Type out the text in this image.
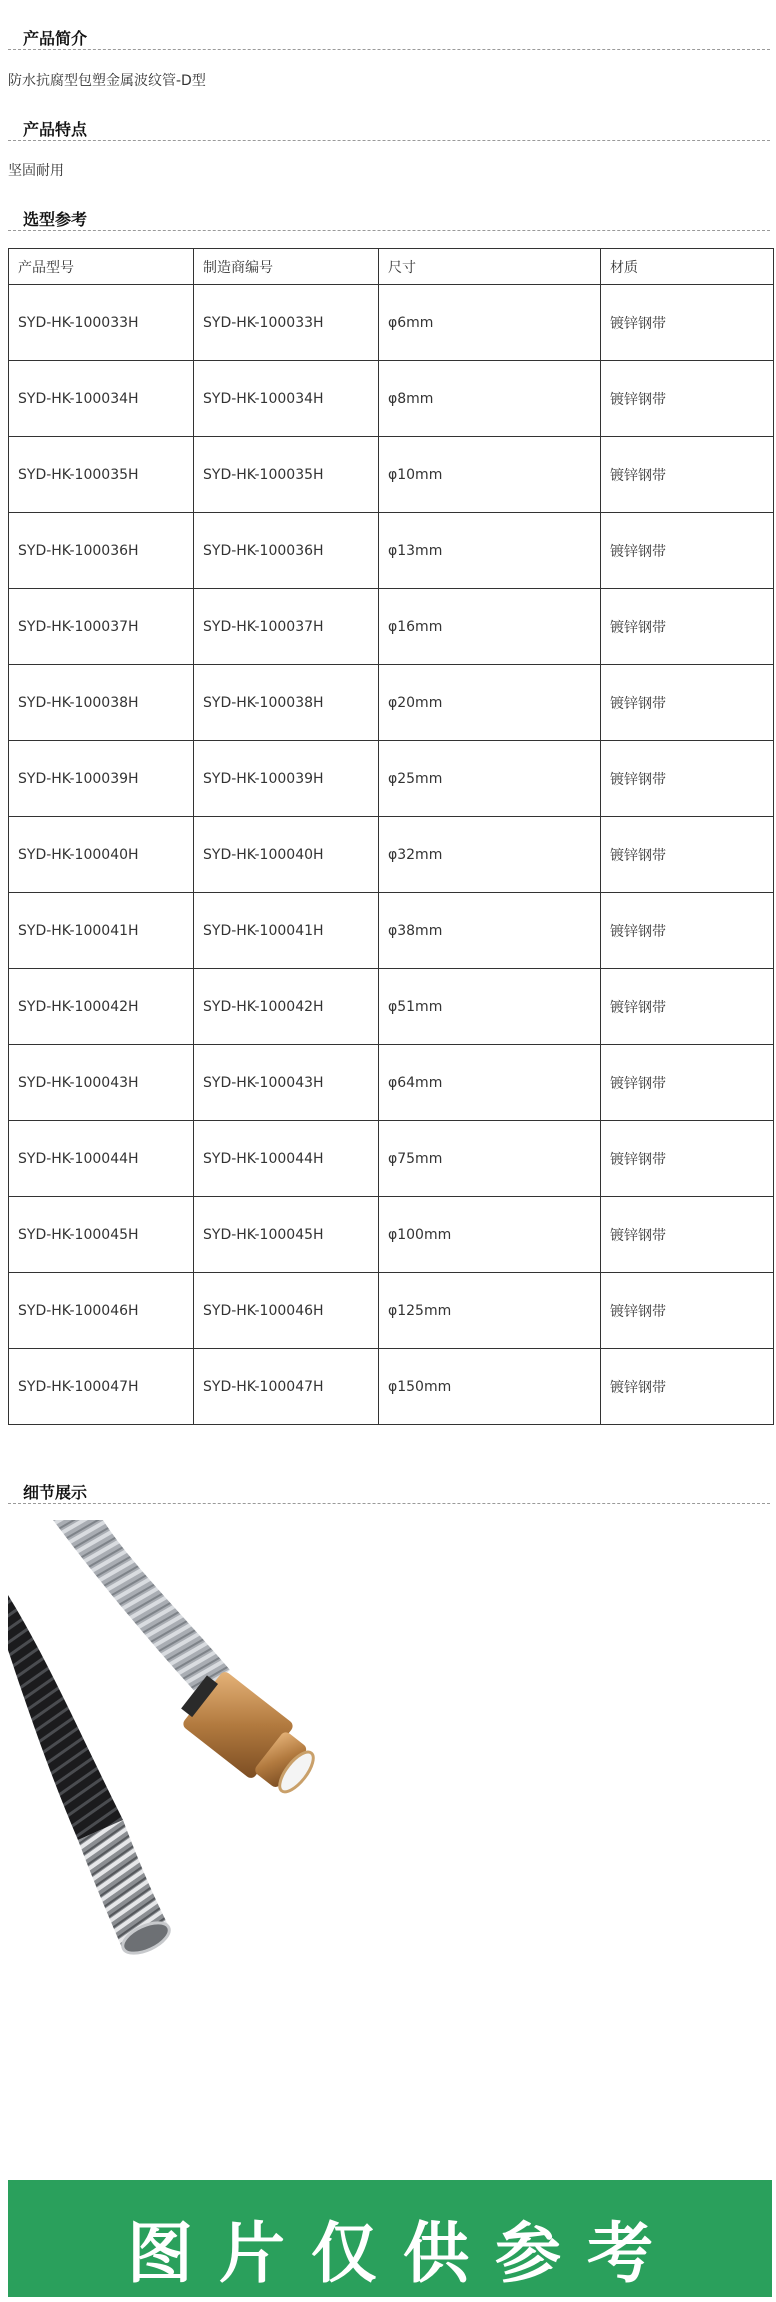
产品简介
防水抗腐型包塑金属波纹管-D型
产品特点
坚固耐用
选型参考
产品型号	制造商编号	尺寸	材质
SYD-HK-100033H	SYD-HK-100033H	φ6mm	镀锌钢带
SYD-HK-100034H	SYD-HK-100034H	φ8mm	镀锌钢带
SYD-HK-100035H	SYD-HK-100035H	φ10mm	镀锌钢带
SYD-HK-100036H	SYD-HK-100036H	φ13mm	镀锌钢带
SYD-HK-100037H	SYD-HK-100037H	φ16mm	镀锌钢带
SYD-HK-100038H	SYD-HK-100038H	φ20mm	镀锌钢带
SYD-HK-100039H	SYD-HK-100039H	φ25mm	镀锌钢带
SYD-HK-100040H	SYD-HK-100040H	φ32mm	镀锌钢带
SYD-HK-100041H	SYD-HK-100041H	φ38mm	镀锌钢带
SYD-HK-100042H	SYD-HK-100042H	φ51mm	镀锌钢带
SYD-HK-100043H	SYD-HK-100043H	φ64mm	镀锌钢带
SYD-HK-100044H	SYD-HK-100044H	φ75mm	镀锌钢带
SYD-HK-100045H	SYD-HK-100045H	φ100mm	镀锌钢带
SYD-HK-100046H	SYD-HK-100046H	φ125mm	镀锌钢带
SYD-HK-100047H	SYD-HK-100047H	φ150mm	镀锌钢带
细节展示
图片仅供参考
